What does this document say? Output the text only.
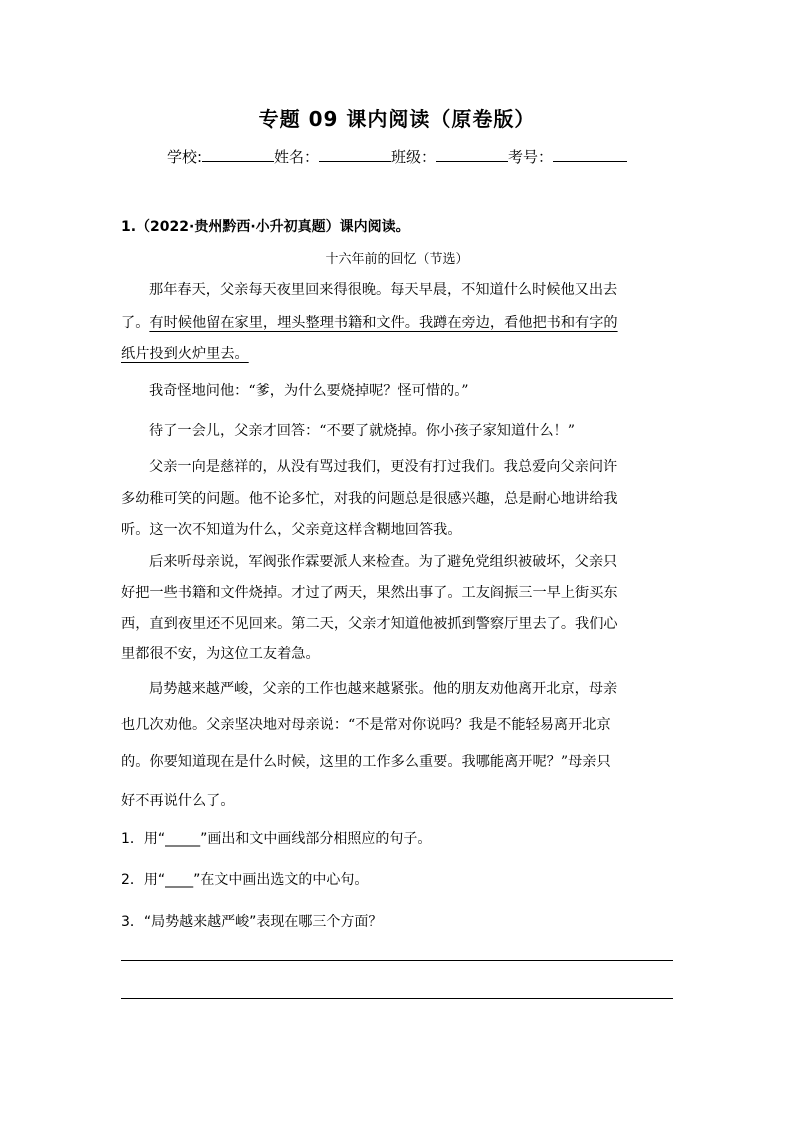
专题 09 课内阅读（原卷版）
学校:	姓名：	班级：	考号：
1.（2022·贵州黔西·小升初真题）课内阅读。
十六年前的回忆（节选）
那年春天，父亲每天夜里回来得很晚。每天早晨，不知道什么时候他又出去
了。有时候他留在家里，埋头整理书籍和文件。我蹲在旁边，看他把书和有字的
纸片投到火炉里去。
我奇怪地问他：“爹，为什么要烧掉呢？怪可惜的。”
待了一会儿，父亲才回答：“不要了就烧掉。你小孩子家知道什么！”
父亲一向是慈祥的，从没有骂过我们，更没有打过我们。我总爱向父亲问许
多幼稚可笑的问题。他不论多忙，对我的问题总是很感兴趣，总是耐心地讲给我
听。这一次不知道为什么，父亲竟这样含糊地回答我。
后来听母亲说，军阀张作霖要派人来检查。为了避免党组织被破坏，父亲只
好把一些书籍和文件烧掉。才过了两天，果然出事了。工友阎振三一早上街买东
西，直到夜里还不见回来。第二天，父亲才知道他被抓到警察厅里去了。我们心
里都很不安，为这位工友着急。
局势越来越严峻，父亲的工作也越来越紧张。他的朋友劝他离开北京，母亲
也几次劝他。父亲坚决地对母亲说：“不是常对你说吗？我是不能轻易离开北京
的。你要知道现在是什么时候，这里的工作多么重要。我哪能离开呢？”母亲只
好不再说什么了。
1．用“_____”画出和文中画线部分相照应的句子。
2．用“____”在文中画出选文的中心句。
3．“局势越来越严峻”表现在哪三个方面？
